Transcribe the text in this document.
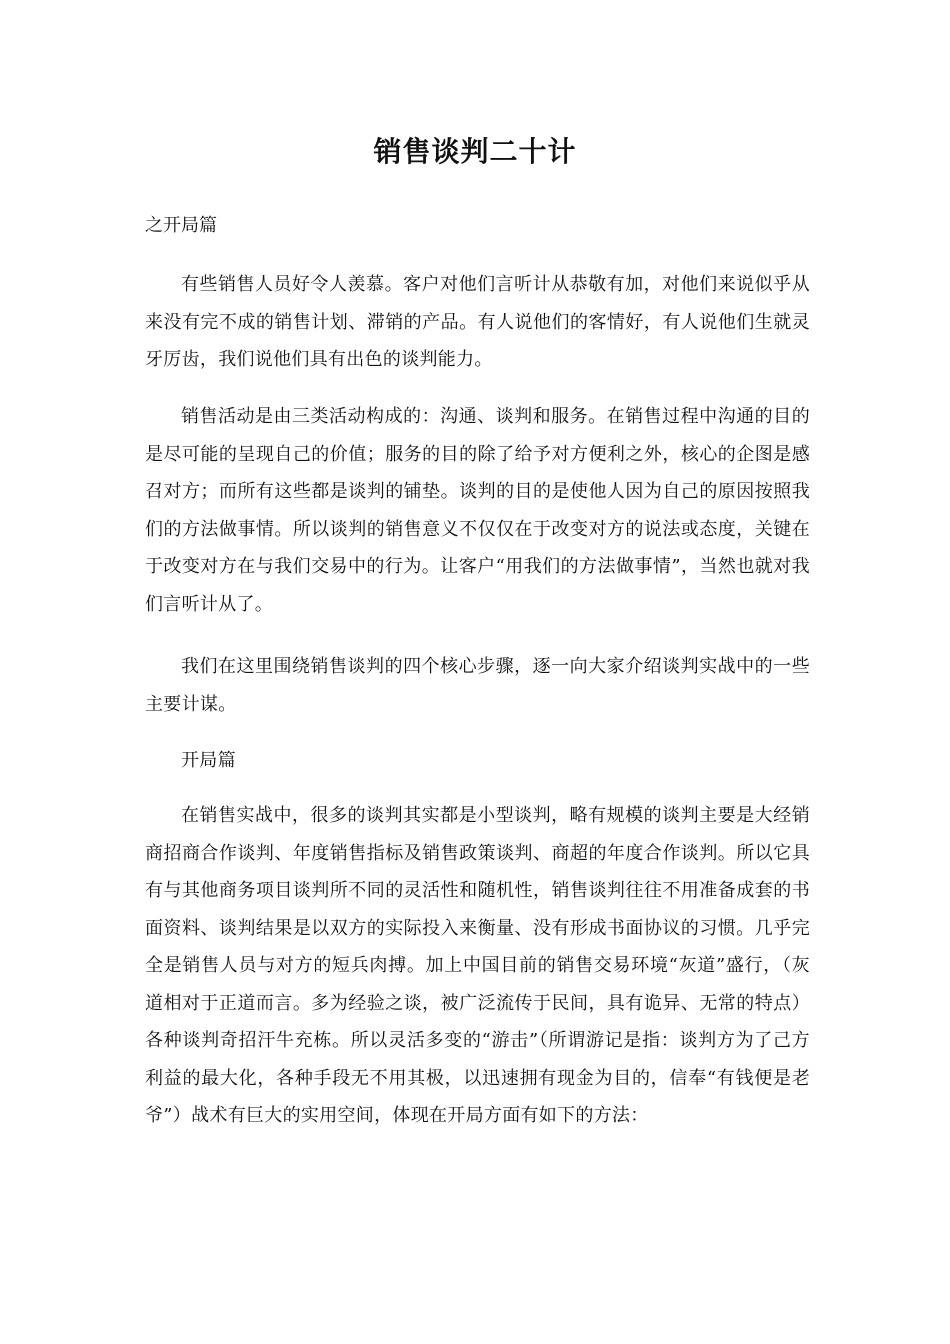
销售谈判二十计

之开局篇

有些销售人员好令人羡慕。客户对他们言听计从恭敬有加，对他们来说似乎从来没有完不成的销售计划、滞销的产品。有人说他们的客情好，有人说他们生就灵牙厉齿，我们说他们具有出色的谈判能力。

销售活动是由三类活动构成的：沟通、谈判和服务。在销售过程中沟通的目的是尽可能的呈现自己的价值；服务的目的除了给予对方便利之外，核心的企图是感召对方；而所有这些都是谈判的铺垫。谈判的目的是使他人因为自己的原因按照我们的方法做事情。所以谈判的销售意义不仅仅在于改变对方的说法或态度，关键在于改变对方在与我们交易中的行为。让客户“用我们的方法做事情”，当然也就对我们言听计从了。

我们在这里围绕销售谈判的四个核心步骤，逐一向大家介绍谈判实战中的一些主要计谋。

开局篇

在销售实战中，很多的谈判其实都是小型谈判，略有规模的谈判主要是大经销商招商合作谈判、年度销售指标及销售政策谈判、商超的年度合作谈判。所以它具有与其他商务项目谈判所不同的灵活性和随机性，销售谈判往往不用准备成套的书面资料、谈判结果是以双方的实际投入来衡量、没有形成书面协议的习惯。几乎完全是销售人员与对方的短兵肉搏。加上中国目前的销售交易环境“灰道”盛行，（灰道相对于正道而言。多为经验之谈，被广泛流传于民间，具有诡异、无常的特点）各种谈判奇招汗牛充栋。所以灵活多变的“游击”（所谓游记是指：谈判方为了己方利益的最大化，各种手段无不用其极，以迅速拥有现金为目的，信奉“有钱便是老爷”）战术有巨大的实用空间，体现在开局方面有如下的方法：
